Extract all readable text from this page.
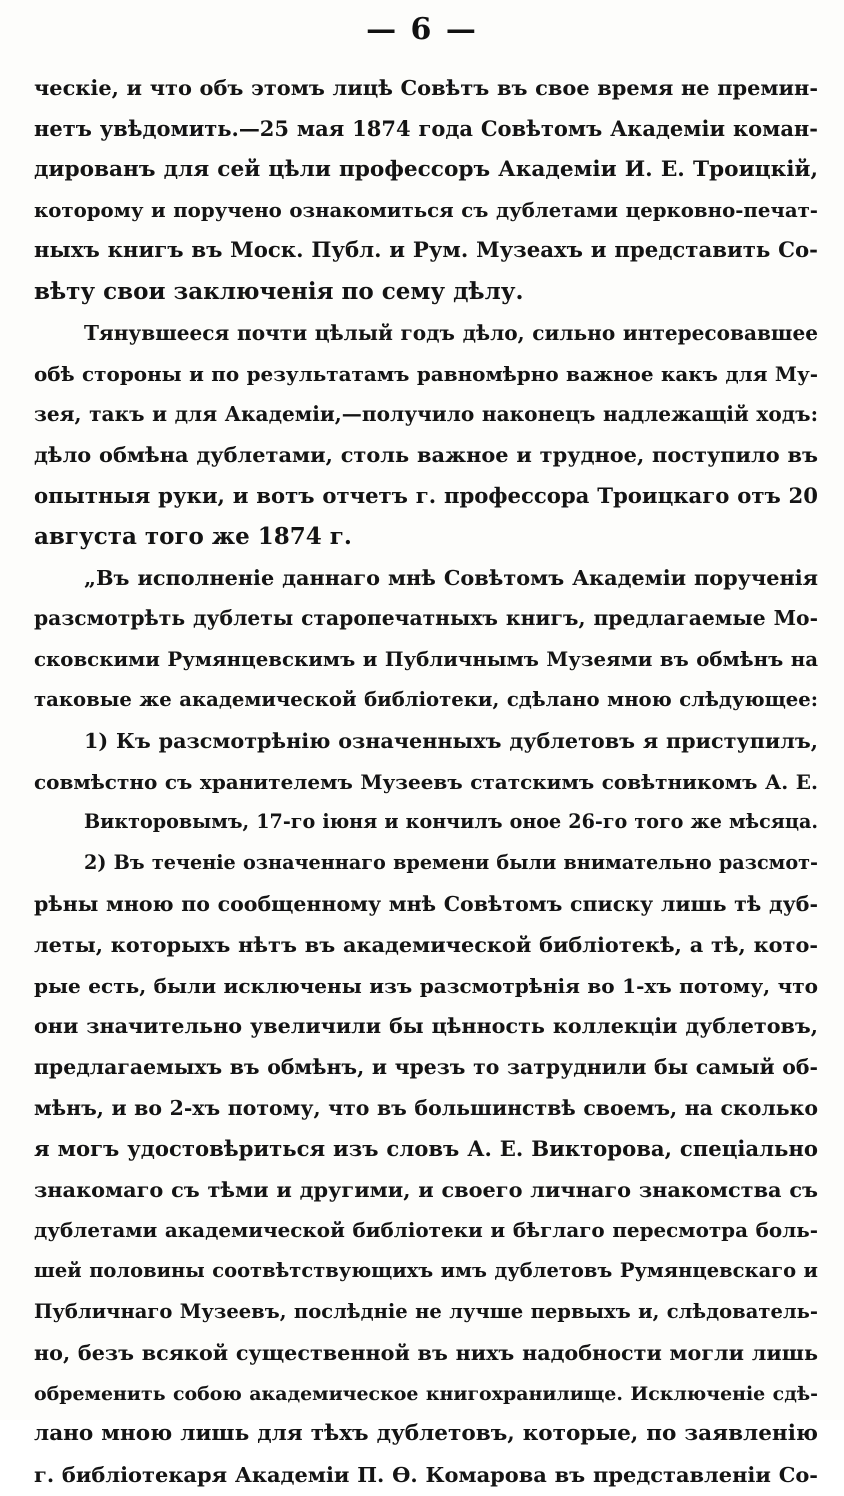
— 6 —
ческіе, и что объ этомъ лицѣ Совѣтъ въ свое время не премин-
нетъ увѣдомить.—25 мая 1874 года Совѣтомъ Академіи коман-
дированъ для сей цѣли профессоръ Академіи И. Е. Троицкій,
которому и поручено ознакомиться съ дублетами церковно-печат-
ныхъ книгъ въ Моск. Публ. и Рум. Музеахъ и представить Со-
вѣту свои заключенія по сему дѣлу.
Тянувшееся почти цѣлый годъ дѣло, сильно интересовавшее
обѣ стороны и по результатамъ равномѣрно важное какъ для Му-
зея, такъ и для Академіи,—получило наконецъ надлежащій ходъ:
дѣло обмѣна дублетами, столь важное и трудное, поступило въ
опытныя руки, и вотъ отчетъ г. профессора Троицкаго отъ 20
августа того же 1874 г.
„Въ исполненіе даннаго мнѣ Совѣтомъ Академіи порученія
разсмотрѣть дублеты старопечатныхъ книгъ, предлагаемые Мо-
сковскими Румянцевскимъ и Публичнымъ Музеями въ обмѣнъ на
таковые же академической библіотеки, сдѣлано мною слѣдующее:
1) Къ разсмотрѣнію означенныхъ дублетовъ я приступилъ,
совмѣстно съ хранителемъ Музеевъ статскимъ совѣтникомъ А. Е.
Викторовымъ, 17-го іюня и кончилъ оное 26-го того же мѣсяца.
2) Въ теченіе означеннаго времени были внимательно разсмот-
рѣны мною по сообщенному мнѣ Совѣтомъ списку лишь тѣ дуб-
леты, которыхъ нѣтъ въ академической библіотекѣ, а тѣ, кото-
рые есть, были исключены изъ разсмотрѣнія во 1-хъ потому, что
они значительно увеличили бы цѣнность коллекціи дублетовъ,
предлагаемыхъ въ обмѣнъ, и чрезъ то затруднили бы самый об-
мѣнъ, и во 2-хъ потому, что въ большинствѣ своемъ, на сколько
я могъ удостовѣриться изъ словъ А. Е. Викторова, спеціально
знакомаго съ тѣми и другими, и своего личнаго знакомства съ
дублетами академической библіотеки и бѣглаго пересмотра боль-
шей половины соотвѣтствующихъ имъ дублетовъ Румянцевскаго и
Публичнаго Музеевъ, послѣдніе не лучше первыхъ и, слѣдователь-
но, безъ всякой существенной въ нихъ надобности могли лишь
обременить собою академическое книгохранилище. Исключеніе сдѣ-
лано мною лишь для тѣхъ дублетовъ, которые, по заявленію
г. библіотекаря Академіи П. Ѳ. Комарова въ представленіи Со-
